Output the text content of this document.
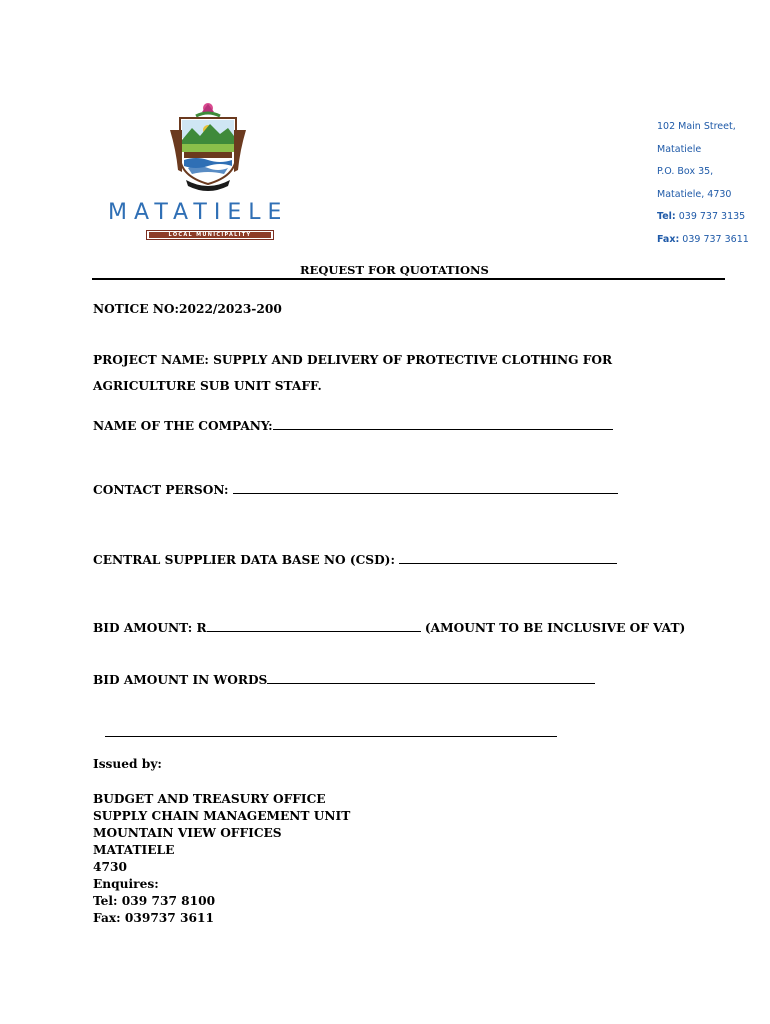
MATATIELE
LOCAL MUNICIPALITY
102 Main Street,
Matatiele
P.O. Box 35,
Matatiele, 4730
Tel: 039 737 3135
Fax: 039 737 3611
REQUEST FOR QUOTATIONS
NOTICE NO:2022/2023-200
PROJECT NAME: SUPPLY AND DELIVERY OF PROTECTIVE CLOTHING FOR
AGRICULTURE SUB UNIT STAFF.
NAME OF THE COMPANY:
CONTACT PERSON:
CENTRAL SUPPLIER DATA BASE NO (CSD):
BID AMOUNT: R	(AMOUNT TO BE INCLUSIVE OF VAT)
BID AMOUNT IN WORDS
Issued by:
BUDGET AND TREASURY OFFICE
SUPPLY CHAIN MANAGEMENT UNIT
MOUNTAIN VIEW OFFICES
MATATIELE
4730
Enquires:
Tel: 039 737 8100
Fax: 039737 3611
